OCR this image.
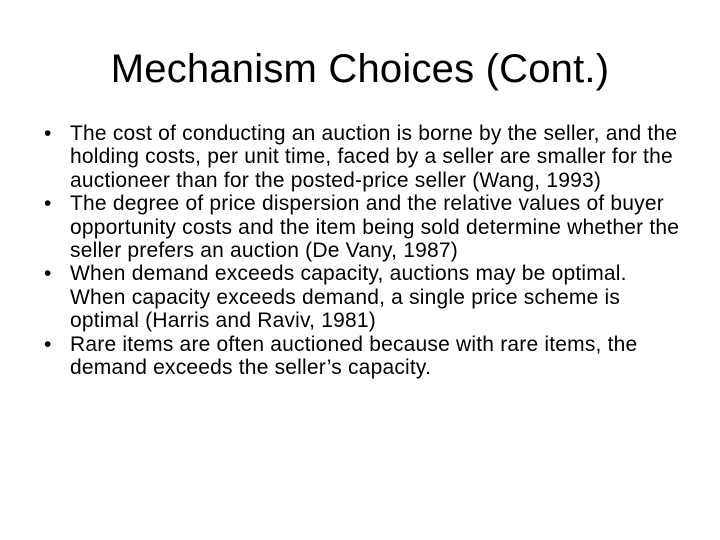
Mechanism Choices (Cont.)
• The cost of conducting an auction is borne by the seller, and the holding costs, per unit time, faced by a seller are smaller for the auctioneer than for the posted-price seller (Wang, 1993)
• The degree of price dispersion and the relative values of buyer opportunity costs and the item being sold determine whether the seller prefers an auction (De Vany, 1987)
• When demand exceeds capacity, auctions may be optimal. When capacity exceeds demand, a single price scheme is optimal (Harris and Raviv, 1981)
• Rare items are often auctioned because with rare items, the demand exceeds the seller’s capacity.
